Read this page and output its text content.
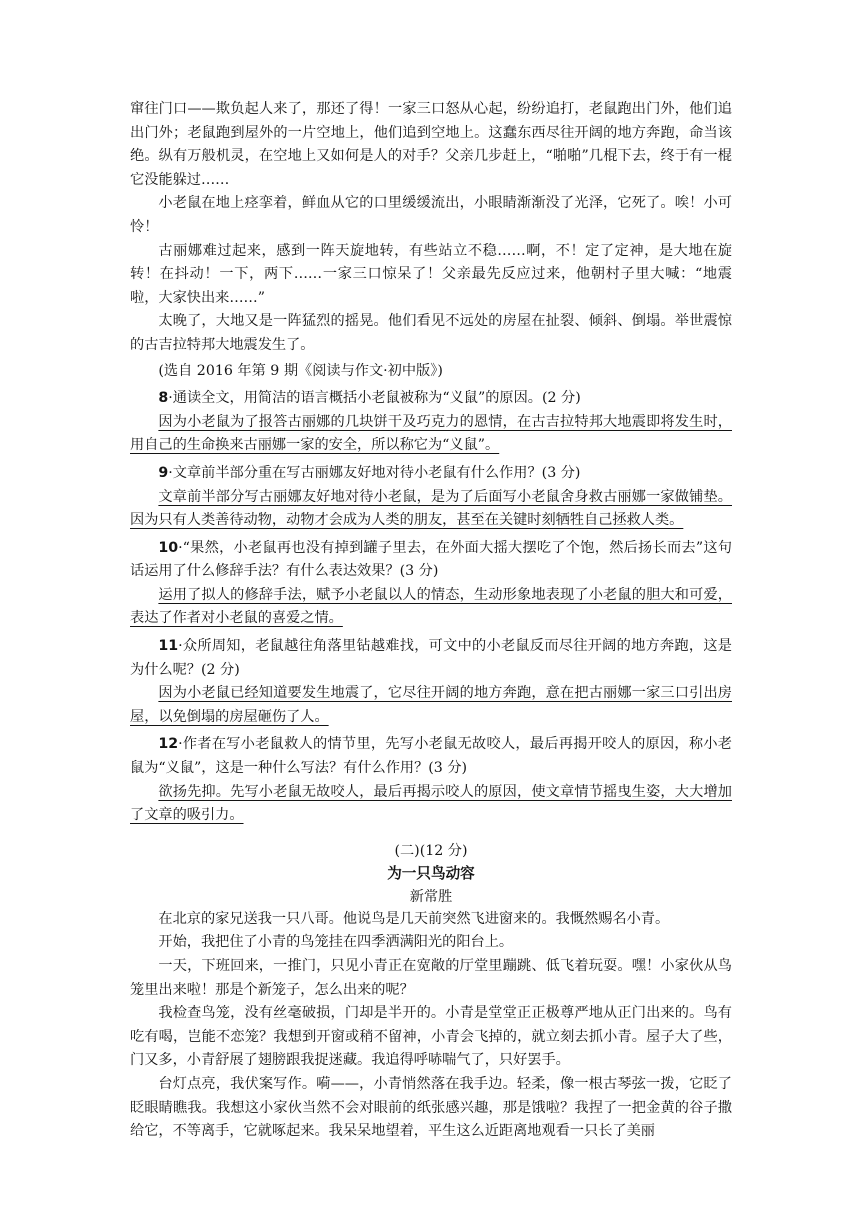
窜往门口——欺负起人来了，那还了得！一家三口怒从心起，纷纷追打，老鼠跑出门外，他们追出门外；老鼠跑到屋外的一片空地上，他们追到空地上。这蠢东西尽往开阔的地方奔跑，命当该绝。纵有万般机灵，在空地上又如何是人的对手？父亲几步赶上，“啪啪”几棍下去，终于有一棍它没能躲过……

小老鼠在地上痉挛着，鲜血从它的口里缓缓流出，小眼睛渐渐没了光泽，它死了。唉！小可怜！

古丽娜难过起来，感到一阵天旋地转，有些站立不稳……啊，不！定了定神，是大地在旋转！在抖动！一下，两下……一家三口惊呆了！父亲最先反应过来，他朝村子里大喊：“地震啦，大家快出来……”

太晚了，大地又是一阵猛烈的摇晃。他们看见不远处的房屋在扯裂、倾斜、倒塌。举世震惊的古吉拉特邦大地震发生了。

(选自 2016 年第 9 期《阅读与作文·初中版》)

8·通读全文，用简洁的语言概括小老鼠被称为“义鼠”的原因。(2 分)

因为小老鼠为了报答古丽娜的几块饼干及巧克力的恩情，在古吉拉特邦大地震即将发生时，用自己的生命换来古丽娜一家的安全，所以称它为“义鼠”。

9·文章前半部分重在写古丽娜友好地对待小老鼠有什么作用？(3 分)

文章前半部分写古丽娜友好地对待小老鼠，是为了后面写小老鼠舍身救古丽娜一家做铺垫。因为只有人类善待动物，动物才会成为人类的朋友，甚至在关键时刻牺牲自己拯救人类。

10·“果然，小老鼠再也没有掉到罐子里去，在外面大摇大摆吃了个饱，然后扬长而去”这句话运用了什么修辞手法？有什么表达效果？(3 分)

运用了拟人的修辞手法，赋予小老鼠以人的情态，生动形象地表现了小老鼠的胆大和可爱，表达了作者对小老鼠的喜爱之情。

11·众所周知，老鼠越往角落里钻越难找，可文中的小老鼠反而尽往开阔的地方奔跑，这是为什么呢？(2 分)

因为小老鼠已经知道要发生地震了，它尽往开阔的地方奔跑，意在把古丽娜一家三口引出房屋，以免倒塌的房屋砸伤了人。

12·作者在写小老鼠救人的情节里，先写小老鼠无故咬人，最后再揭开咬人的原因，称小老鼠为“义鼠”，这是一种什么写法？有什么作用？(3 分)

欲扬先抑。先写小老鼠无故咬人，最后再揭示咬人的原因，使文章情节摇曳生姿，大大增加了文章的吸引力。

(二)(12 分)

为一只鸟动容

新常胜

在北京的家兄送我一只八哥。他说鸟是几天前突然飞进窗来的。我慨然赐名小青。

开始，我把住了小青的鸟笼挂在四季洒满阳光的阳台上。

一天，下班回来，一推门，只见小青正在宽敞的厅堂里蹦跳、低飞着玩耍。嘿！小家伙从鸟笼里出来啦！那是个新笼子，怎么出来的呢？

我检查鸟笼，没有丝毫破损，门却是半开的。小青是堂堂正正极尊严地从正门出来的。鸟有吃有喝，岂能不恋笼？我想到开窗或稍不留神，小青会飞掉的，就立刻去抓小青。屋子大了些，门又多，小青舒展了翅膀跟我捉迷藏。我追得呼哧喘气了，只好罢手。

台灯点亮，我伏案写作。嗬——，小青悄然落在我手边。轻柔，像一根古琴弦一拨，它眨了眨眼睛瞧我。我想这小家伙当然不会对眼前的纸张感兴趣，那是饿啦？我捏了一把金黄的谷子撒给它，不等离手，它就啄起来。我呆呆地望着，平生这么近距离地观看一只长了美丽
